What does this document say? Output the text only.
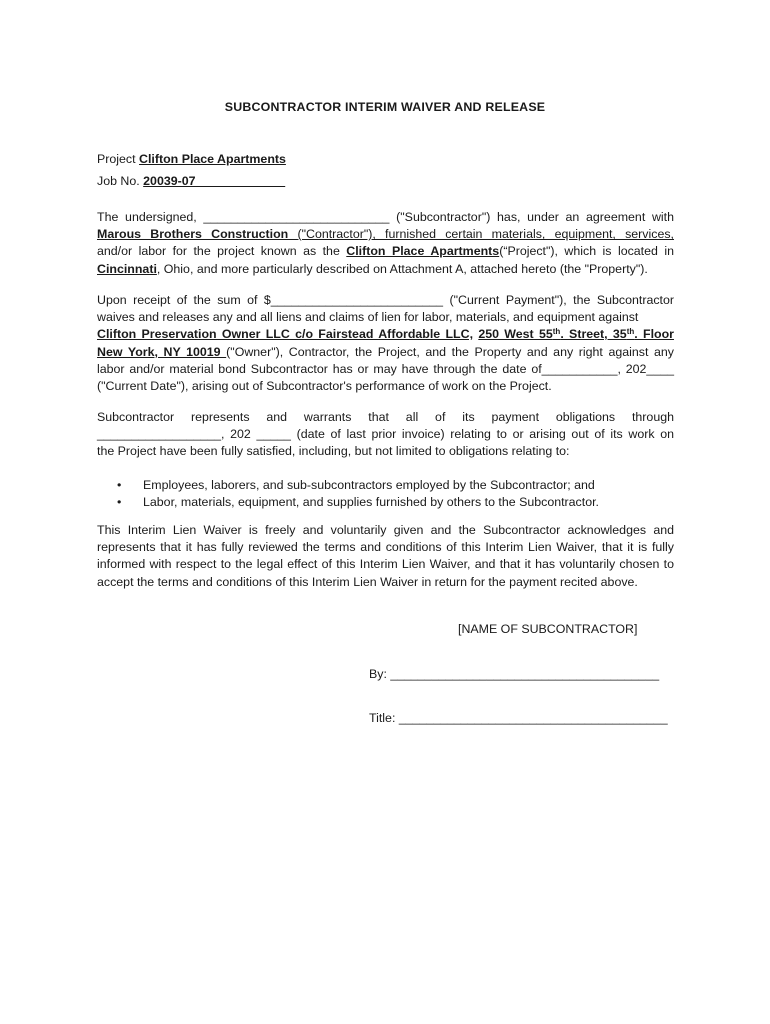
SUBCONTRACTOR INTERIM WAIVER AND RELEASE
Project Clifton Place Apartments
Job No. 20039-07_____________
The undersigned, ___________________________ ("Subcontractor") has, under an agreement with
Marous Brothers Construction ("Contractor"), furnished certain materials, equipment, services,
and/or labor for the project known as the Clifton Place Apartments(“Project"), which is located in
Cincinnati, Ohio, and more particularly described on Attachment A, attached hereto (the "Property").
Upon receipt of the sum of $_________________________ ("Current Payment"), the Subcontractor
waives and releases any and all liens and claims of lien for labor, materials, and equipment against
Clifton Preservation Owner LLC c/o Fairstead Affordable LLC, 250 West 55th. Street, 35th. Floor
New York, NY 10019 ("Owner"), Contractor, the Project, and the Property and any right against any
labor and/or material bond Subcontractor has or may have through the date of___________, 202____
("Current Date"), arising out of Subcontractor's performance of work on the Project.
Subcontractor represents and warrants that all of its payment obligations through
__________________, 202 _____ (date of last prior invoice) relating to or arising out of its work on
the Project have been fully satisfied, including, but not limited to obligations relating to:
• Employees, laborers, and sub-subcontractors employed by the Subcontractor; and
• Labor, materials, equipment, and supplies furnished by others to the Subcontractor.
This Interim Lien Waiver is freely and voluntarily given and the Subcontractor acknowledges and
represents that it has fully reviewed the terms and conditions of this Interim Lien Waiver, that it is fully
informed with respect to the legal effect of this Interim Lien Waiver, and that it has voluntarily chosen to
accept the terms and conditions of this Interim Lien Waiver in return for the payment recited above.
[NAME OF SUBCONTRACTOR]
By: _______________________________________
Title: _______________________________________
